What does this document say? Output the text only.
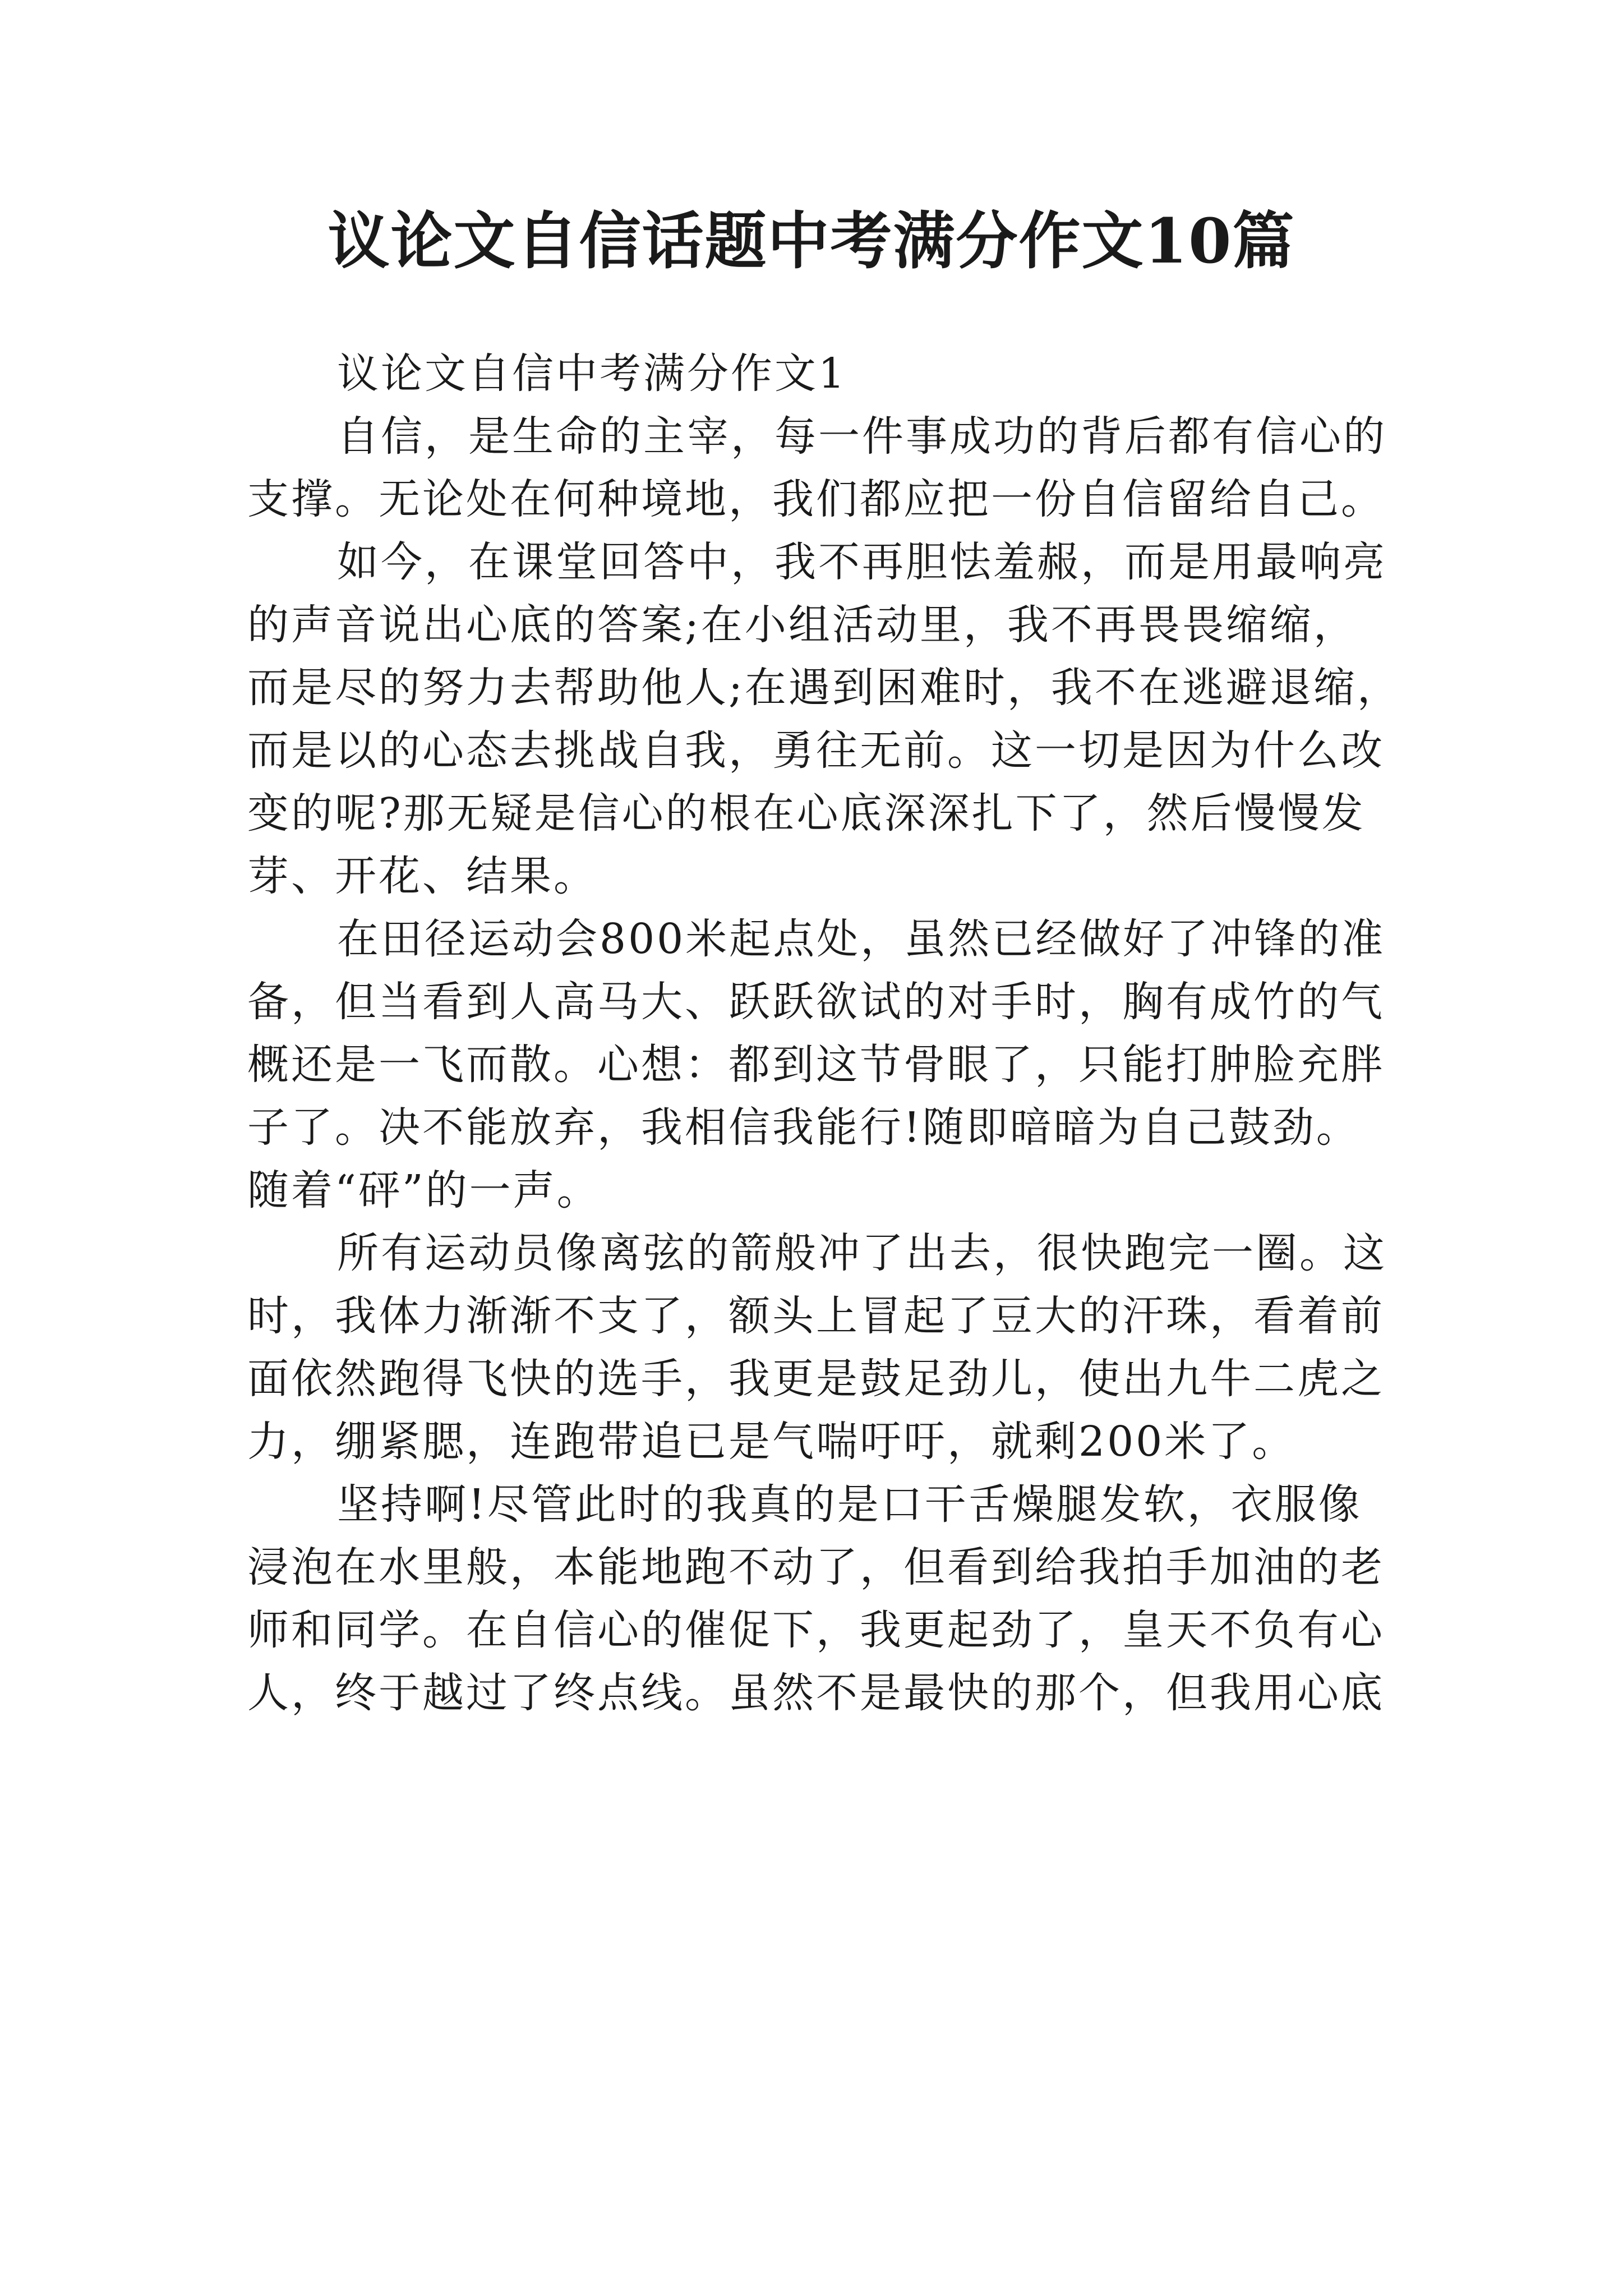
议论文自信话题中考满分作文10篇
议论文自信中考满分作文1
自信，是生命的主宰，每一件事成功的背后都有信心的
支撑。无论处在何种境地，我们都应把一份自信留给自己。
如今，在课堂回答中，我不再胆怯羞赧，而是用最响亮
的声音说出心底的答案;在小组活动里，我不再畏畏缩缩，
而是尽的努力去帮助他人;在遇到困难时，我不在逃避退缩，
而是以的心态去挑战自我，勇往无前。这一切是因为什么改
变的呢?那无疑是信心的根在心底深深扎下了，然后慢慢发
芽、开花、结果。
在田径运动会800米起点处，虽然已经做好了冲锋的准
备，但当看到人高马大、跃跃欲试的对手时，胸有成竹的气
概还是一飞而散。心想：都到这节骨眼了，只能打肿脸充胖
子了。决不能放弃，我相信我能行!随即暗暗为自己鼓劲。
随着“砰”的一声。
所有运动员像离弦的箭般冲了出去，很快跑完一圈。这
时，我体力渐渐不支了，额头上冒起了豆大的汗珠，看着前
面依然跑得飞快的选手，我更是鼓足劲儿，使出九牛二虎之
力，绷紧腮，连跑带追已是气喘吁吁，就剩200米了。
坚持啊!尽管此时的我真的是口干舌燥腿发软，衣服像
浸泡在水里般，本能地跑不动了，但看到给我拍手加油的老
师和同学。在自信心的催促下，我更起劲了，皇天不负有心
人，终于越过了终点线。虽然不是最快的那个，但我用心底
